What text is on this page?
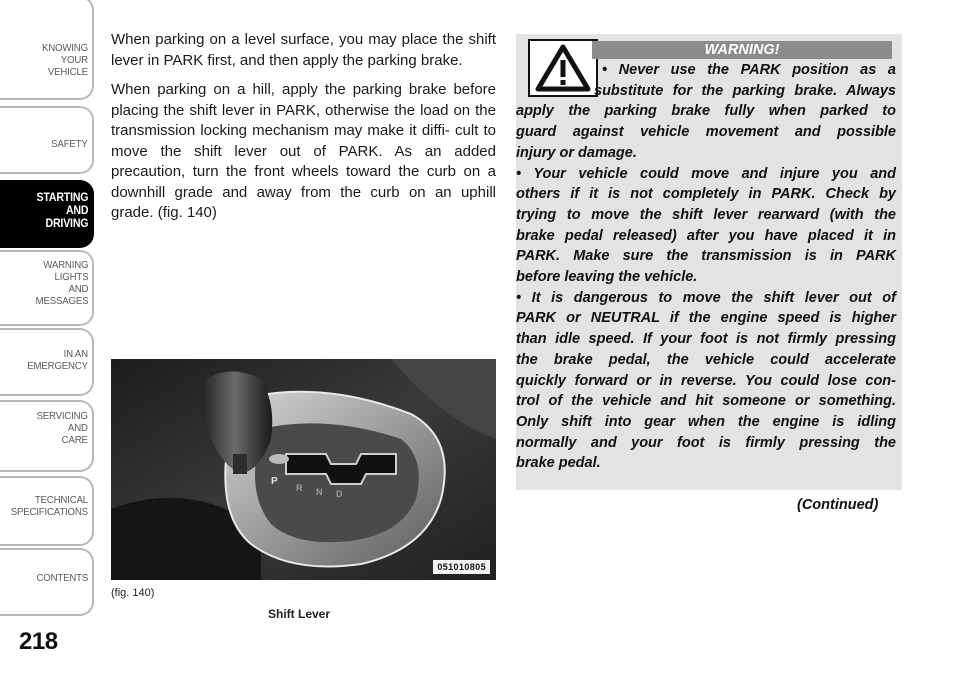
KNOWING
YOUR
VEHICLE
SAFETY
STARTING
AND
DRIVING
WARNING
LIGHTS
AND
MESSAGES
IN AN
EMERGENCY
SERVICING
AND
CARE
TECHNICAL
SPECIFICATIONS
CONTENTS
218

When parking on a level surface, you may place the shift lever in PARK first, and then apply the parking brake.

When parking on a hill, apply the parking brake before placing the shift lever in PARK, otherwise the load on the transmission locking mechanism may make it diffi- cult to move the shift lever out of PARK. As an added precaution, turn the front wheels toward the curb on a downhill grade and away from the curb on an uphill grade. (fig. 140)

P
R N D
051010805
(fig. 140)
Shift Lever
WARNING!
• Never use the PARK position as a
substitute for the parking brake. Always
apply the parking brake fully when parked to
guard against vehicle movement and possible
injury or damage.
• Your vehicle could move and injure you and
others if it is not completely in PARK. Check by
trying to move the shift lever rearward (with the
brake pedal released) after you have placed it in
PARK. Make sure the transmission is in PARK
before leaving the vehicle.
• It is dangerous to move the shift lever out of
PARK or NEUTRAL if the engine speed is higher
than idle speed. If your foot is not firmly pressing
the brake pedal, the vehicle could accelerate
quickly forward or in reverse. You could lose con-
trol of the vehicle and hit someone or something.
Only shift into gear when the engine is idling
normally and your foot is firmly pressing the
brake pedal.
(Continued)
